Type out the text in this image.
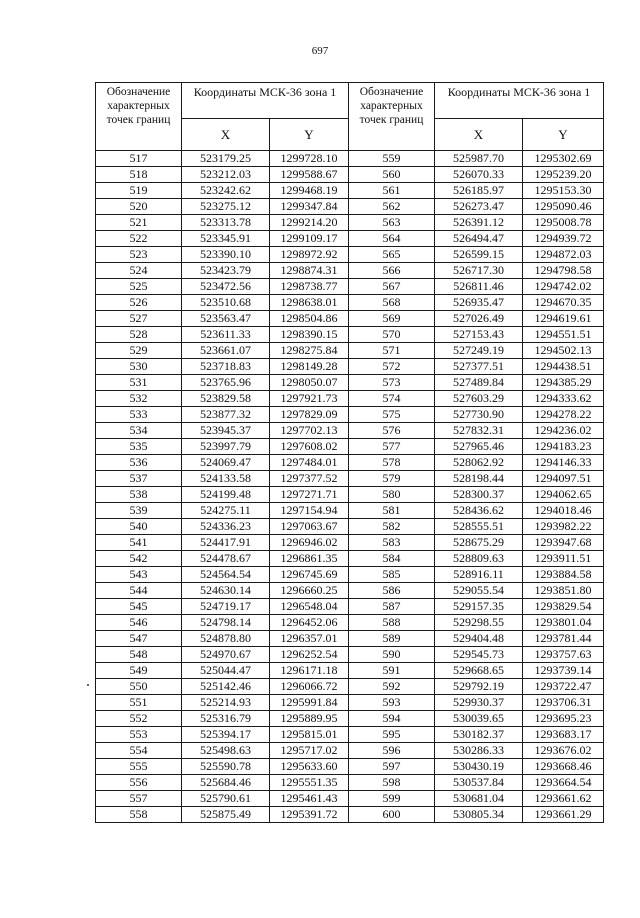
697
Обозначение характерных точек границ	Координаты МСК-36 зона 1	
	X	Y
517	523179.25	1299728.10
518	523212.03	1299588.67
519	523242.62	1299468.19
520	523275.12	1299347.84
521	523313.78	1299214.20
522	523345.91	1299109.17
523	523390.10	1298972.92
524	523423.79	1298874.31
525	523472.56	1298738.77
526	523510.68	1298638.01
527	523563.47	1298504.86
528	523611.33	1298390.15
529	523661.07	1298275.84
530	523718.83	1298149.28
531	523765.96	1298050.07
532	523829.58	1297921.73
533	523877.32	1297829.09
534	523945.37	1297702.13
535	523997.79	1297608.02
536	524069.47	1297484.01
537	524133.58	1297377.52
538	524199.48	1297271.71
539	524275.11	1297154.94
540	524336.23	1297063.67
541	524417.91	1296946.02
542	524478.67	1296861.35
543	524564.54	1296745.69
544	524630.14	1296660.25
545	524719.17	1296548.04
546	524798.14	1296452.06
547	524878.80	1296357.01
548	524970.67	1296252.54
549	525044.47	1296171.18
550	525142.46	1296066.72
551	525214.93	1295991.84
552	525316.79	1295889.95
553	525394.17	1295815.01
554	525498.63	1295717.02
555	525590.78	1295633.60
556	525684.46	1295551.35
557	525790.61	1295461.43
558	525875.49	1295391.72
Обозначение характерных точек границ	Координаты МСК-36 зона 1	
	X	Y
559	525987.70	1295302.69
560	526070.33	1295239.20
561	526185.97	1295153.30
562	526273.47	1295090.46
563	526391.12	1295008.78
564	526494.47	1294939.72
565	526599.15	1294872.03
566	526717.30	1294798.58
567	526811.46	1294742.02
568	526935.47	1294670.35
569	527026.49	1294619.61
570	527153.43	1294551.51
571	527249.19	1294502.13
572	527377.51	1294438.51
573	527489.84	1294385.29
574	527603.29	1294333.62
575	527730.90	1294278.22
576	527832.31	1294236.02
577	527965.46	1294183.23
578	528062.92	1294146.33
579	528198.44	1294097.51
580	528300.37	1294062.65
581	528436.62	1294018.46
582	528555.51	1293982.22
583	528675.29	1293947.68
584	528809.63	1293911.51
585	528916.11	1293884.58
586	529055.54	1293851.80
587	529157.35	1293829.54
588	529298.55	1293801.04
589	529404.48	1293781.44
590	529545.73	1293757.63
591	529668.65	1293739.14
592	529792.19	1293722.47
593	529930.37	1293706.31
594	530039.65	1293695.23
595	530182.37	1293683.17
596	530286.33	1293676.02
597	530430.19	1293668.46
598	530537.84	1293664.54
599	530681.04	1293661.62
600	530805.34	1293661.29
